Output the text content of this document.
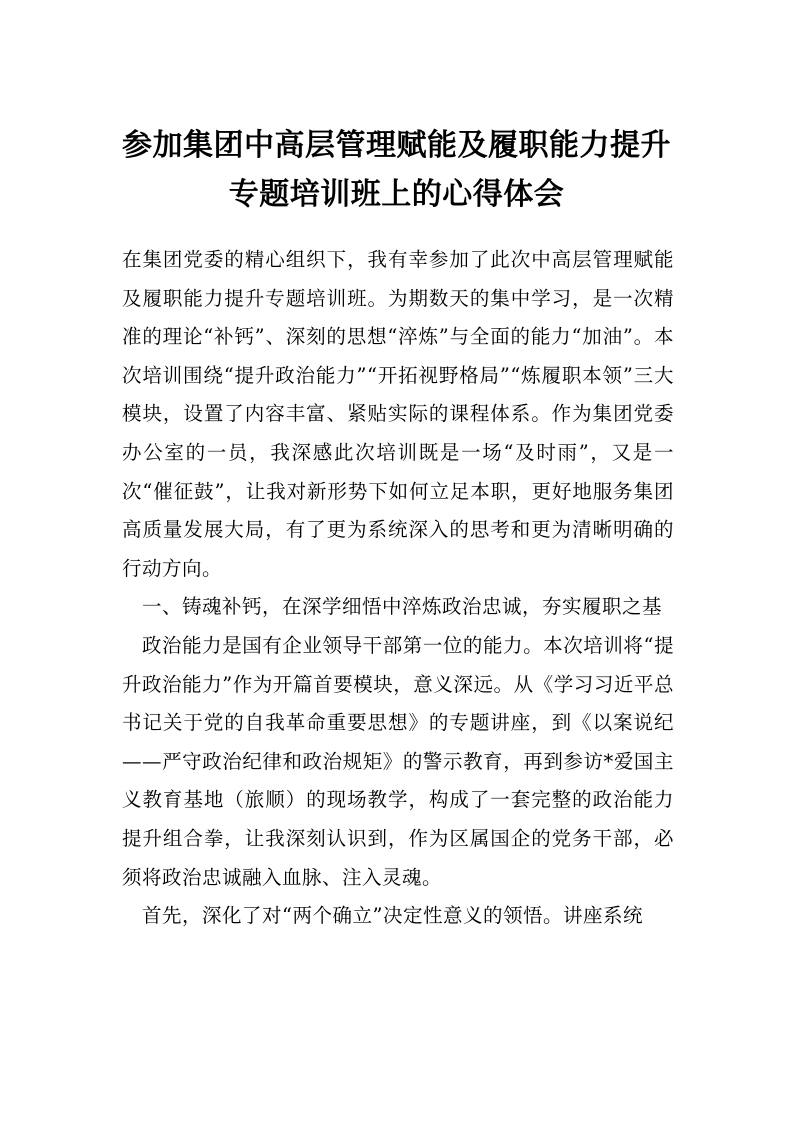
参加集团中高层管理赋能及履职能力提升
专题培训班上的心得体会

在集团党委的精心组织下，我有幸参加了此次中高层管理赋能及履职能力提升专题培训班。为期数天的集中学习，是一次精准的理论“补钙”、深刻的思想“淬炼”与全面的能力“加油”。本次培训围绕“提升政治能力”“开拓视野格局”“炼履职本领”三大模块，设置了内容丰富、紧贴实际的课程体系。作为集团党委办公室的一员，我深感此次培训既是一场“及时雨”，又是一次“催征鼓”，让我对新形势下如何立足本职，更好地服务集团高质量发展大局，有了更为系统深入的思考和更为清晰明确的行动方向。

一、铸魂补钙，在深学细悟中淬炼政治忠诚，夯实履职之基

政治能力是国有企业领导干部第一位的能力。本次培训将“提升政治能力”作为开篇首要模块，意义深远。从《学习习近平总书记关于党的自我革命重要思想》的专题讲座，到《以案说纪——严守政治纪律和政治规矩》的警示教育，再到参访*爱国主义教育基地（旅顺）的现场教学，构成了一套完整的政治能力提升组合拳，让我深刻认识到，作为区属国企的党务干部，必须将政治忠诚融入血脉、注入灵魂。

首先，深化了对“两个确立”决定性意义的领悟。讲座系统
